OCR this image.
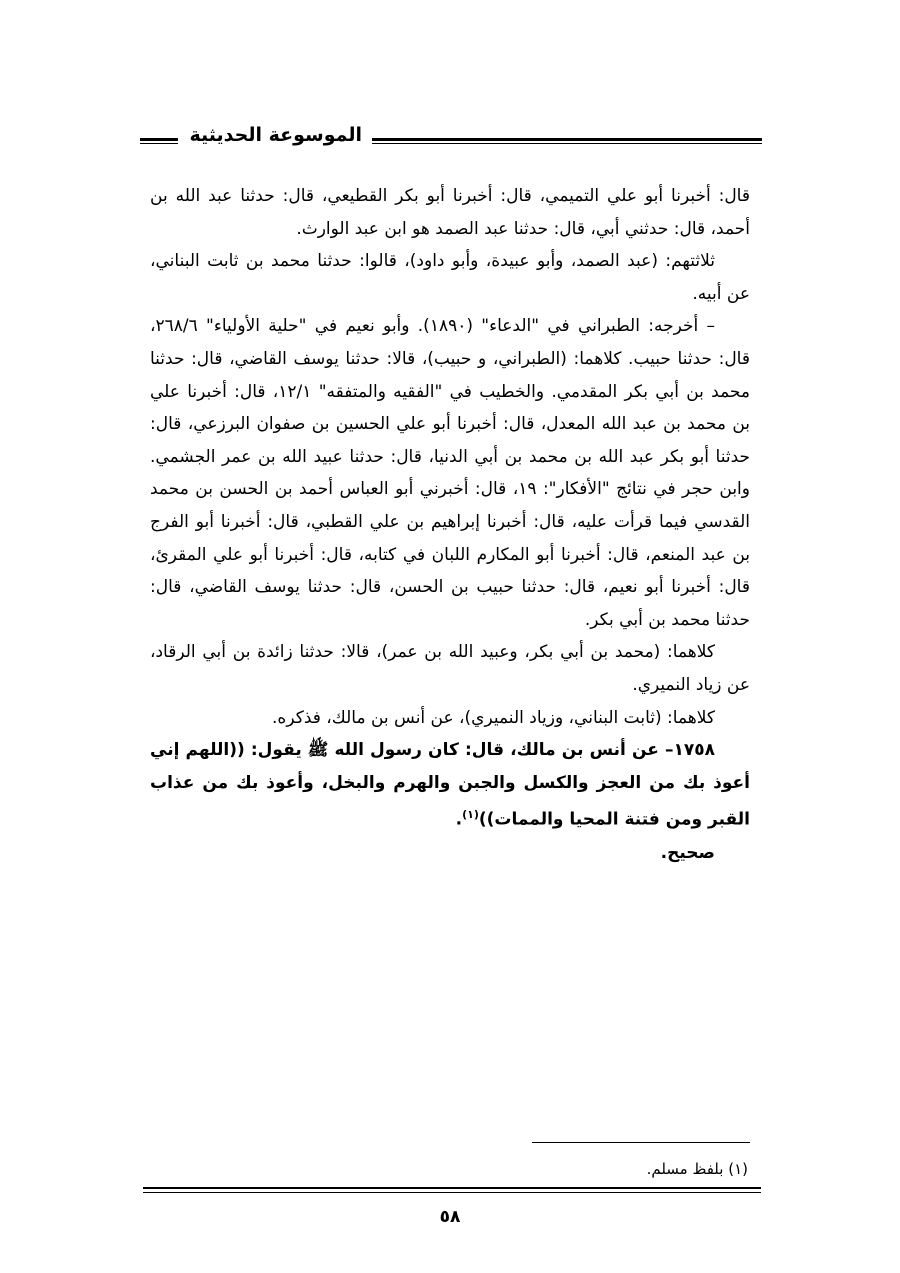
الموسوعة الحديثية

قال: أخبرنا أبو علي التميمي، قال: أخبرنا أبو بكر القطيعي، قال: حدثنا عبد الله بن أحمد، قال: حدثني أبي، قال: حدثنا عبد الصمد هو ابن عبد الوارث.

ثلاثتهم: (عبد الصمد، وأبو عبيدة، وأبو داود)، قالوا: حدثنا محمد بن ثابت البناني، عن أبيه.

– أخرجه: الطبراني في "الدعاء" (١٨٩٠). وأبو نعيم في "حلية الأولياء" ٢٦٨/٦، قال: حدثنا حبيب. كلاهما: (الطبراني، و حبيب)، قالا: حدثنا يوسف القاضي، قال: حدثنا محمد بن أبي بكر المقدمي. والخطيب في "الفقيه والمتفقه" ١٢/١، قال: أخبرنا علي بن محمد بن عبد الله المعدل، قال: أخبرنا أبو علي الحسين بن صفوان البرزعي، قال: حدثنا أبو بكر عبد الله بن محمد بن أبي الدنيا، قال: حدثنا عبيد الله بن عمر الجشمي. وابن حجر في نتائج "الأفكار": ١٩، قال: أخبرني أبو العباس أحمد بن الحسن بن محمد القدسي فيما قرأت عليه، قال: أخبرنا إبراهيم بن علي القطبي، قال: أخبرنا أبو الفرج بن عبد المنعم، قال: أخبرنا أبو المكارم اللبان في كتابه، قال: أخبرنا أبو علي المقرئ، قال: أخبرنا أبو نعيم، قال: حدثنا حبيب بن الحسن، قال: حدثنا يوسف القاضي، قال: حدثنا محمد بن أبي بكر.

كلاهما: (محمد بن أبي بكر، وعبيد الله بن عمر)، قالا: حدثنا زائدة بن أبي الرقاد، عن زياد النميري.

كلاهما: (ثابت البناني، وزياد النميري)، عن أنس بن مالك، فذكره.

١٧٥٨– عن أنس بن مالك، قال: كان رسول الله ﷺ يقول: ((اللهم إني أعوذ بك من العجز والكسل والجبن والهرم والبخل، وأعوذ بك من عذاب القبر ومن فتنة المحيا والممات))$^{(١)}$.

صحيح.

(١) بلفظ مسلم.
٥٨
